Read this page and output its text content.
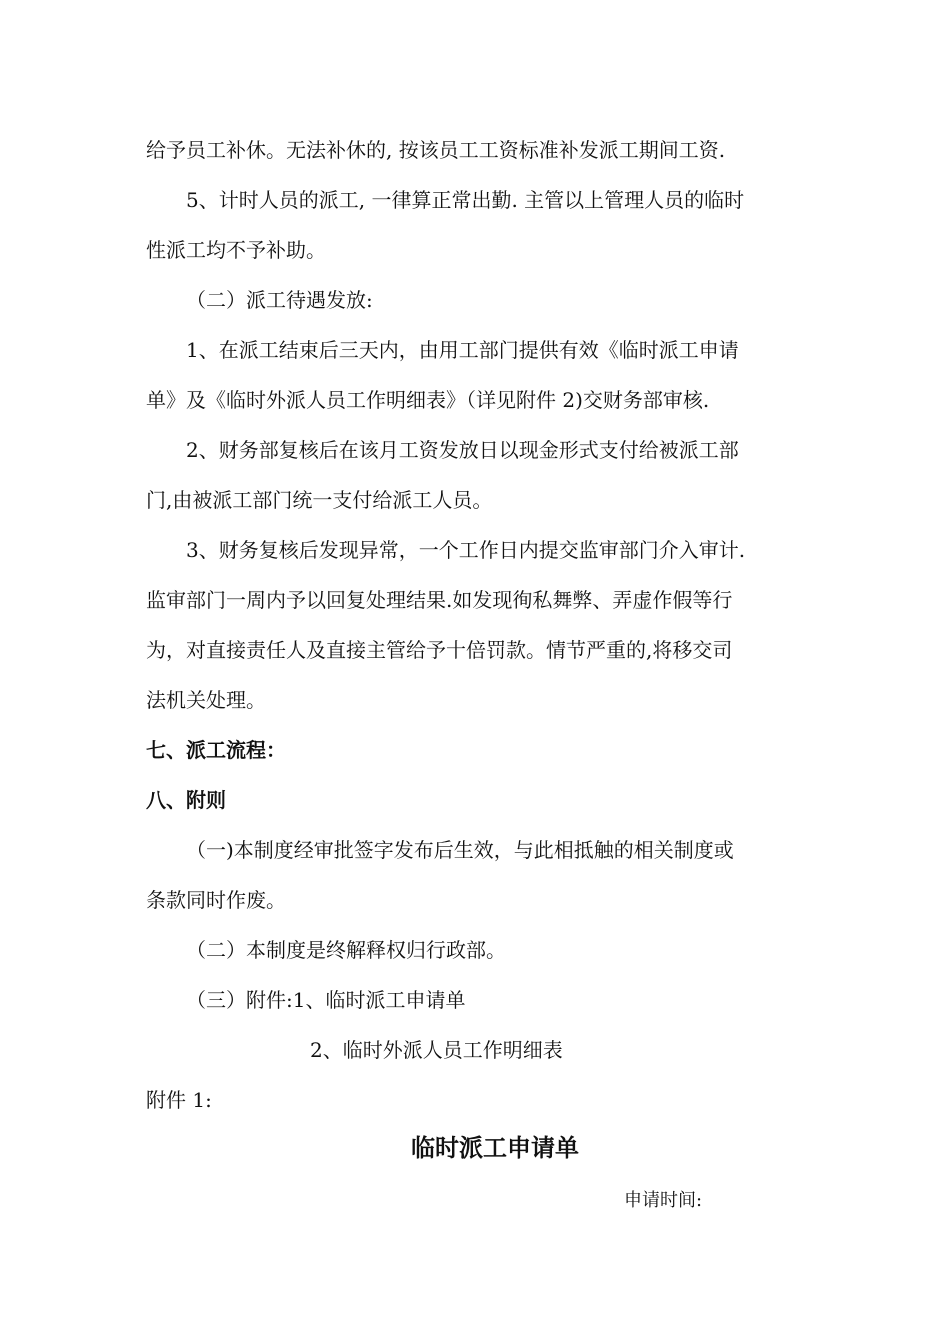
给予员工补休。无法补休的, 按该员工工资标准补发派工期间工资.
5、计时人员的派工, 一律算正常出勤. 主管以上管理人员的临时
性派工均不予补助。
（二）派工待遇发放:
1、在派工结束后三天内，由用工部门提供有效《临时派工申请
单》及《临时外派人员工作明细表》（详见附件 2)交财务部审核.
2、财务部复核后在该月工资发放日以现金形式支付给被派工部
门,由被派工部门统一支付给派工人员。
3、财务复核后发现异常，一个工作日内提交监审部门介入审计.
监审部门一周内予以回复处理结果.如发现徇私舞弊、弄虚作假等行
为，对直接责任人及直接主管给予十倍罚款。情节严重的,将移交司
法机关处理。
七、派工流程：
八、附则
（一)本制度经审批签字发布后生效，与此相抵触的相关制度或
条款同时作废。
（二）本制度是终解释权归行政部。
（三）附件:1、临时派工申请单
2、临时外派人员工作明细表
附件 1:
临时派工申请单
申请时间:
